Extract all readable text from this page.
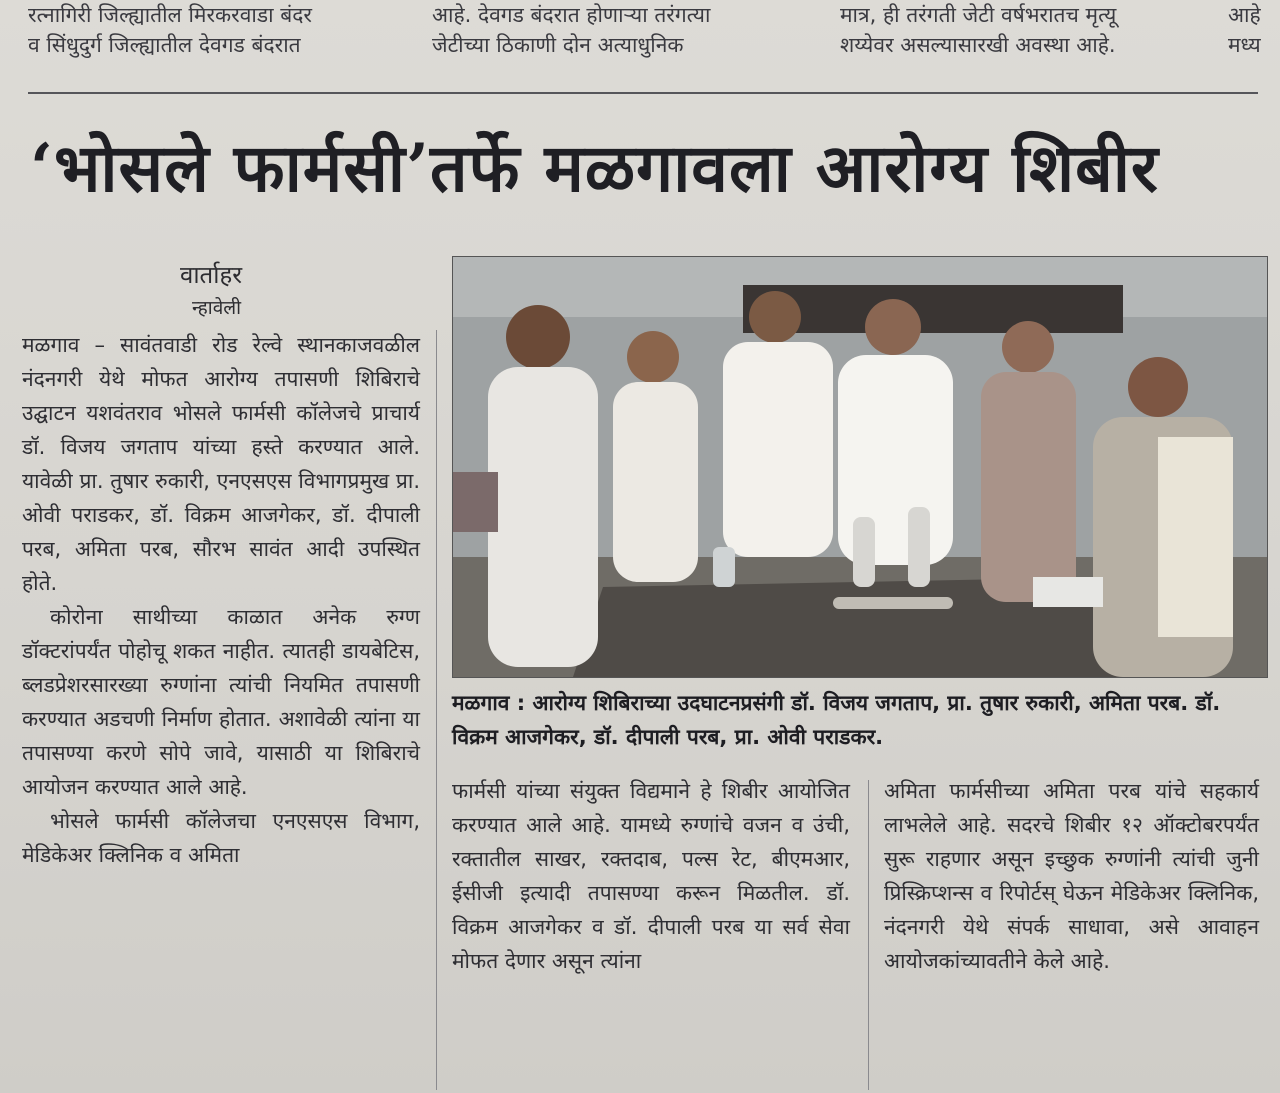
रत्नागिरी जिल्ह्यातील मिरकरवाडा बंदर
व सिंधुदुर्ग जिल्ह्यातील देवगड बंदरात
आहे. देवगड बंदरात होणाऱ्या तरंगत्या
जेटीच्या ठिकाणी दोन अत्याधुनिक
मात्र, ही तरंगती जेटी वर्षभरातच मृत्यू
शय्येवर असल्यासारखी अवस्था आहे.
आहे
मध्य
‘भोसले फार्मसी’तर्फे मळगावला आरोग्य शिबीर
वार्ताहर
न्हावेली

मळगाव – सावंतवाडी रोड रेल्वे स्थानकाजवळील नंदनगरी येथे मोफत आरोग्य तपासणी शिबिराचे उद्घाटन यशवंतराव भोसले फार्मसी कॉलेजचे प्राचार्य डॉ. विजय जगताप यांच्या हस्ते करण्यात आले. यावेळी प्रा. तुषार रुकारी, एनएसएस विभागप्रमुख प्रा. ओवी पराडकर, डॉ. विक्रम आजगेकर, डॉ. दीपाली परब, अमिता परब, सौरभ सावंत आदी उपस्थित होते.

कोरोना साथीच्या काळात अनेक रुग्ण डॉक्टरांपर्यंत पोहोचू शकत नाहीत. त्यातही डायबेटिस, ब्लडप्रेशरसारख्या रुग्णांना त्यांची नियमित तपासणी करण्यात अडचणी निर्माण होतात. अशावेळी त्यांना या तपासण्या करणे सोपे जावे, यासाठी या शिबिराचे आयोजन करण्यात आले आहे.

भोसले फार्मसी कॉलेजचा एनएसएस विभाग, मेडिकेअर क्लिनिक व अमिता

मळगाव : आरोग्य शिबिराच्या उदघाटनप्रसंगी डॉ. विजय जगताप, प्रा. तुषार रुकारी, अमिता परब. डॉ. विक्रम आजगेकर, डॉ. दीपाली परब, प्रा. ओवी पराडकर.

फार्मसी यांच्या संयुक्त विद्यमाने हे शिबीर आयोजित करण्यात आले आहे. यामध्ये रुग्णांचे वजन व उंची, रक्तातील साखर, रक्तदाब, पल्स रेट, बीएमआर, ईसीजी इत्यादी तपासण्या करून मिळतील. डॉ. विक्रम आजगेकर व डॉ. दीपाली परब या सर्व सेवा मोफत देणार असून त्यांना

अमिता फार्मसीच्या अमिता परब यांचे सहकार्य लाभलेले आहे. सदरचे शिबीर १२ ऑक्टोबरपर्यंत सुरू राहणार असून इच्छुक रुग्णांनी त्यांची जुनी प्रिस्क्रिप्शन्स व रिपोर्टस् घेऊन मेडिकेअर क्लिनिक, नंदनगरी येथे संपर्क साधावा, असे आवाहन आयोजकांच्यावतीने केले आहे.
